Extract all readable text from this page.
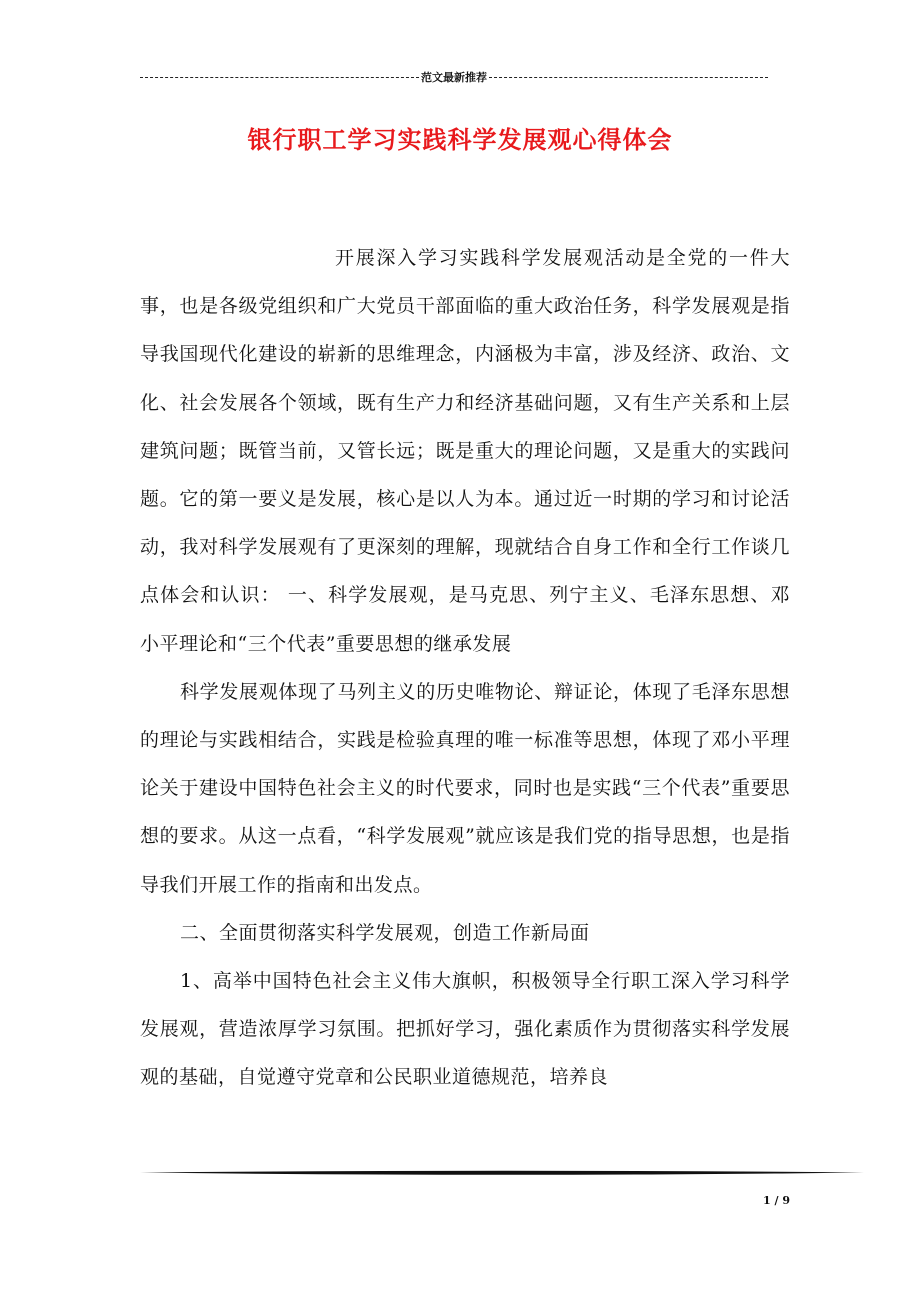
范文最新推荐
银行职工学习实践科学发展观心得体会

开展深入学习实践科学发展观活动是全党的一件大事，也是各级党组织和广大党员干部面临的重大政治任务，科学发展观是指导我国现代化建设的崭新的思维理念，内涵极为丰富，涉及经济、政治、文化、社会发展各个领域，既有生产力和经济基础问题，又有生产关系和上层建筑问题；既管当前，又管长远；既是重大的理论问题，又是重大的实践问题。它的第一要义是发展，核心是以人为本。通过近一时期的学习和讨论活动，我对科学发展观有了更深刻的理解，现就结合自身工作和全行工作谈几点体会和认识： 一、科学发展观，是马克思、列宁主义、毛泽东思想、邓小平理论和“三个代表”重要思想的继承发展

科学发展观体现了马列主义的历史唯物论、辩证论，体现了毛泽东思想的理论与实践相结合，实践是检验真理的唯一标准等思想，体现了邓小平理论关于建设中国特色社会主义的时代要求，同时也是实践“三个代表”重要思想的要求。从这一点看，“科学发展观”就应该是我们党的指导思想，也是指导我们开展工作的指南和出发点。

二、全面贯彻落实科学发展观，创造工作新局面

1、高举中国特色社会主义伟大旗帜，积极领导全行职工深入学习科学发展观，营造浓厚学习氛围。把抓好学习，强化素质作为贯彻落实科学发展观的基础，自觉遵守党章和公民职业道德规范，培养良

1 / 9
